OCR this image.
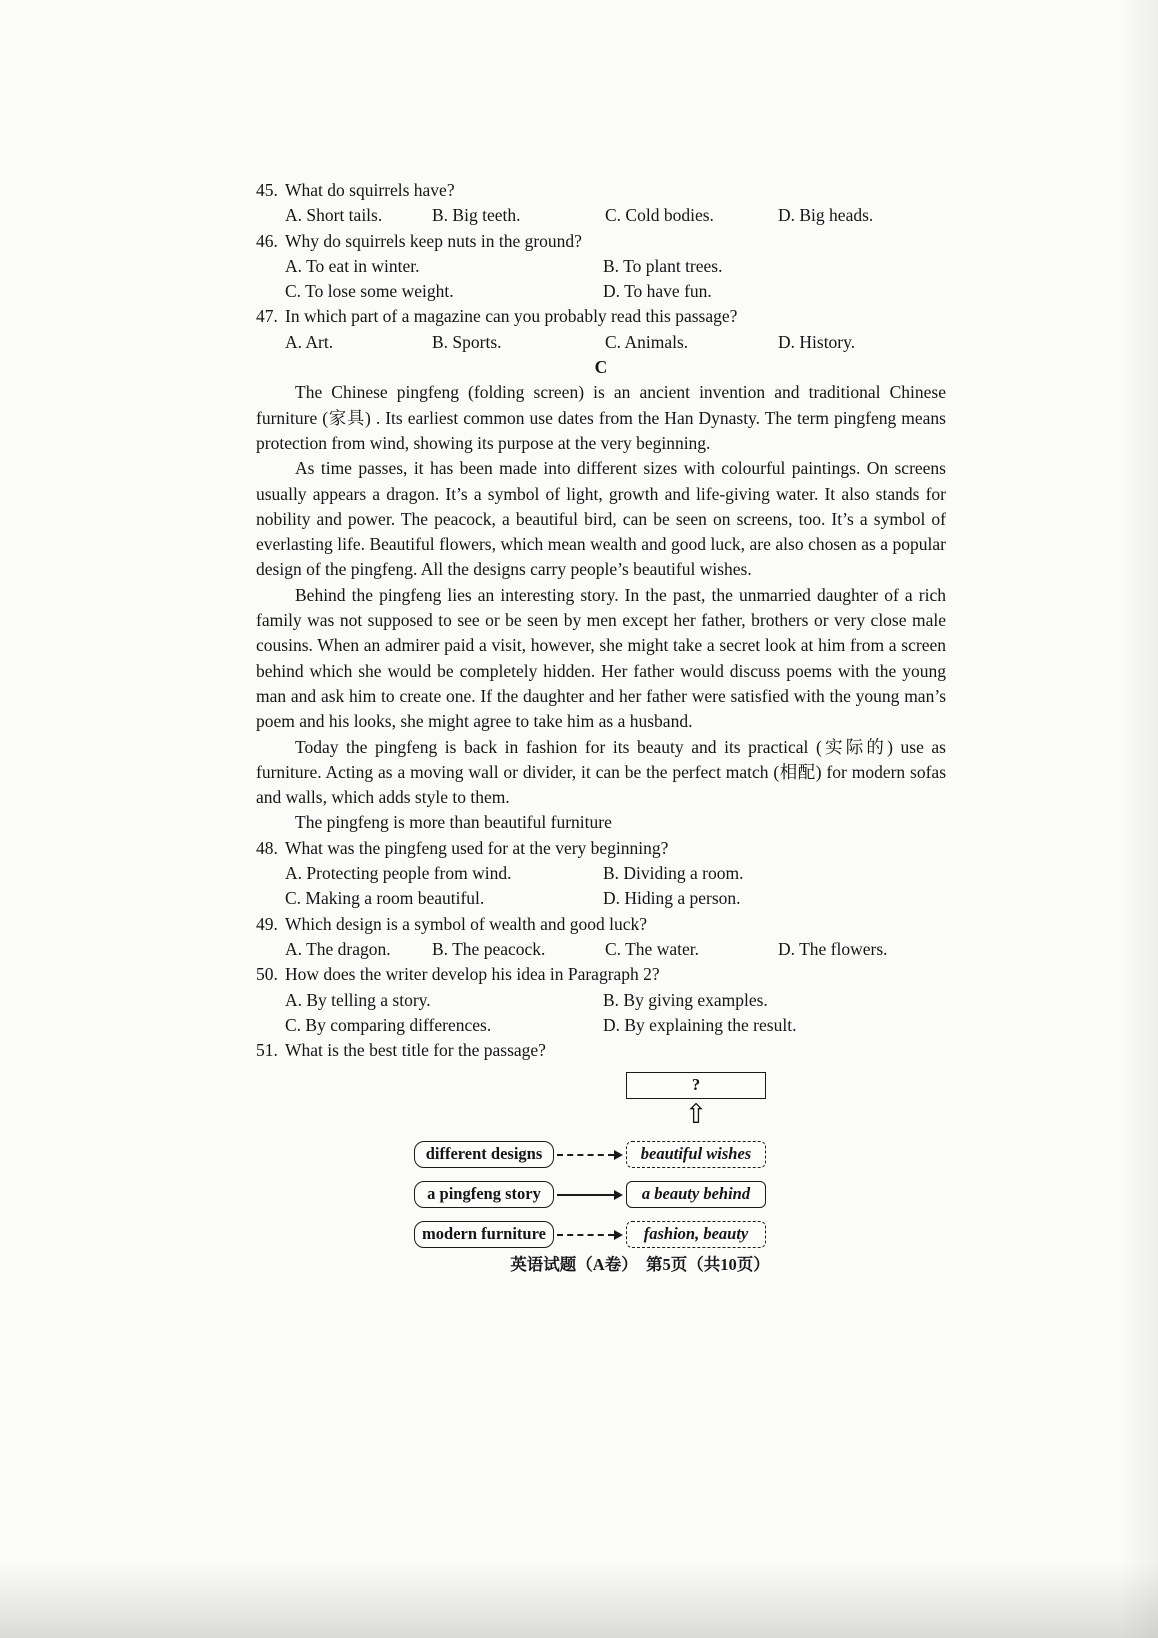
45. What do squirrels have?
A. Short tails.	B. Big teeth.	C. Cold bodies.	D. Big heads.
46. Why do squirrels keep nuts in the ground?
A. To eat in winter.	B. To plant trees.
C. To lose some weight.	D. To have fun.
47. In which part of a magazine can you probably read this passage?
A. Art.	B. Sports.	C. Animals.	D. History.
C

The Chinese pingfeng (folding screen) is an ancient invention and traditional Chinese furniture (家具) . Its earliest common use dates from the Han Dynasty. The term pingfeng means protection from wind, showing its purpose at the very beginning.

As time passes, it has been made into different sizes with colourful paintings. On screens usually appears a dragon. It’s a symbol of light, growth and life-giving water. It also stands for nobility and power. The peacock, a beautiful bird, can be seen on screens, too. It’s a symbol of everlasting life. Beautiful flowers, which mean wealth and good luck, are also chosen as a popular design of the pingfeng. All the designs carry people’s beautiful wishes.

Behind the pingfeng lies an interesting story. In the past, the unmarried daughter of a rich family was not supposed to see or be seen by men except her father, brothers or very close male cousins. When an admirer paid a visit, however, she might take a secret look at him from a screen behind which she would be completely hidden. Her father would discuss poems with the young man and ask him to create one. If the daughter and her father were satisfied with the young man’s poem and his looks, she might agree to take him as a husband.

Today the pingfeng is back in fashion for its beauty and its practical (实际的) use as furniture. Acting as a moving wall or divider, it can be the perfect match (相配) for modern sofas and walls, which adds style to them.

The pingfeng is more than beautiful furniture

48. What was the pingfeng used for at the very beginning?
A. Protecting people from wind.	B. Dividing a room.
C. Making a room beautiful.	D. Hiding a person.
49. Which design is a symbol of wealth and good luck?
A. The dragon.	B. The peacock.	C. The water.	D. The flowers.
50. How does the writer develop his idea in Paragraph 2?
A. By telling a story.	B. By giving examples.
C. By comparing differences.	D. By explaining the result.
51. What is the best title for the passage?
?
⇧
different designs	beautiful wishes
a pingfeng story	a beauty behind
modern furniture	fashion, beauty
英语试题（A卷）　第5页（共10页）
